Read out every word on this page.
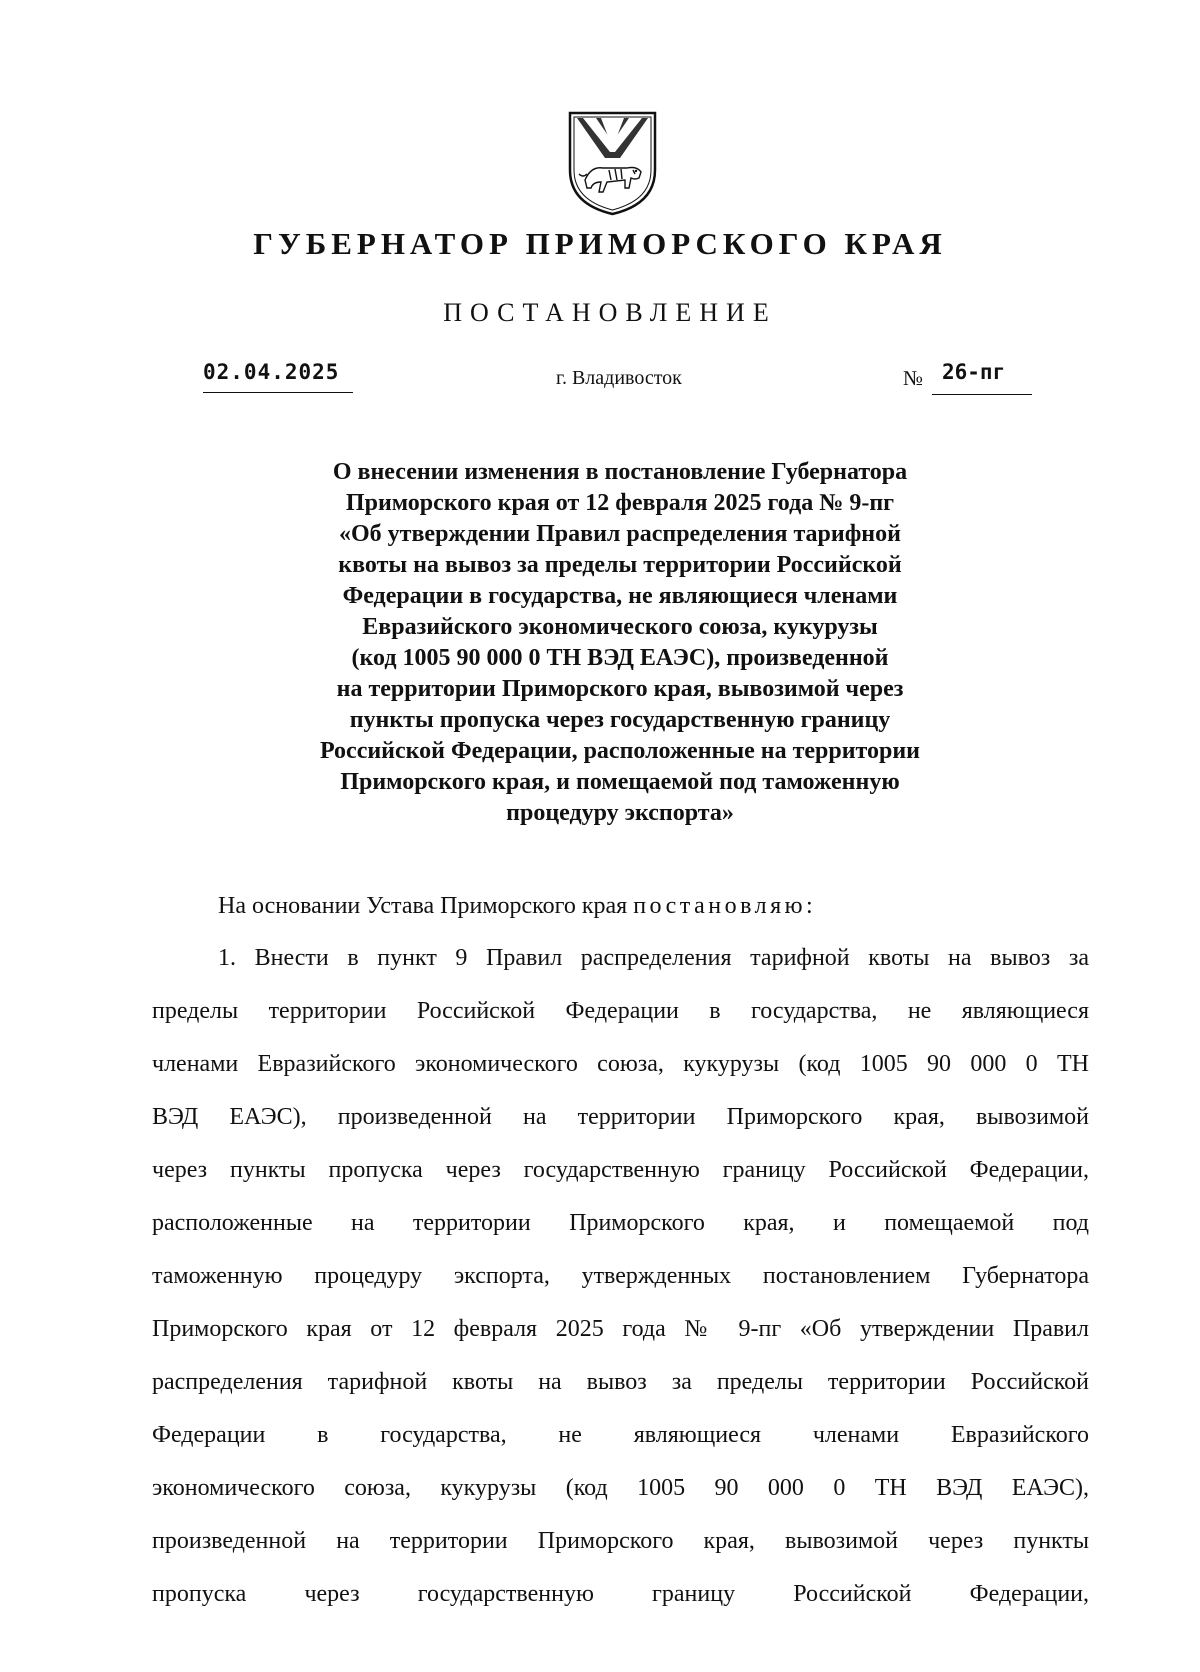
ГУБЕРНАТОР ПРИМОРСКОГО КРАЯ
ПОСТАНОВЛЕНИЕ
02.04.2025	г. Владивосток	№ 26-пг
О внесении изменения в постановление Губернатора
Приморского края от 12 февраля 2025 года № 9-пг
«Об утверждении Правил распределения тарифной
квоты на вывоз за пределы территории Российской
Федерации в государства, не являющиеся членами
Евразийского экономического союза, кукурузы
(код 1005 90 000 0 ТН ВЭД ЕАЭС), произведенной
на территории Приморского края, вывозимой через
пункты пропуска через государственную границу
Российской Федерации, расположенные на территории
Приморского края, и помещаемой под таможенную
процедуру экспорта»
На основании Устава Приморского края постановляю:
1. Внести в пункт 9 Правил распределения тарифной квоты на вывоз за
пределы территории Российской Федерации в государства, не являющиеся
членами Евразийского экономического союза, кукурузы (код 1005 90 000 0 ТН
ВЭД ЕАЭС), произведенной на территории Приморского края, вывозимой
через пункты пропуска через государственную границу Российской Федерации,
расположенные на территории Приморского края, и помещаемой под
таможенную процедуру экспорта, утвержденных постановлением Губернатора
Приморского края от 12 февраля 2025 года № 9-пг «Об утверждении Правил
распределения тарифной квоты на вывоз за пределы территории Российской
Федерации в государства, не являющиеся членами Евразийского
экономического союза, кукурузы (код 1005 90 000 0 ТН ВЭД ЕАЭС),
произведенной на территории Приморского края, вывозимой через пункты
пропуска через государственную границу Российской Федерации,
